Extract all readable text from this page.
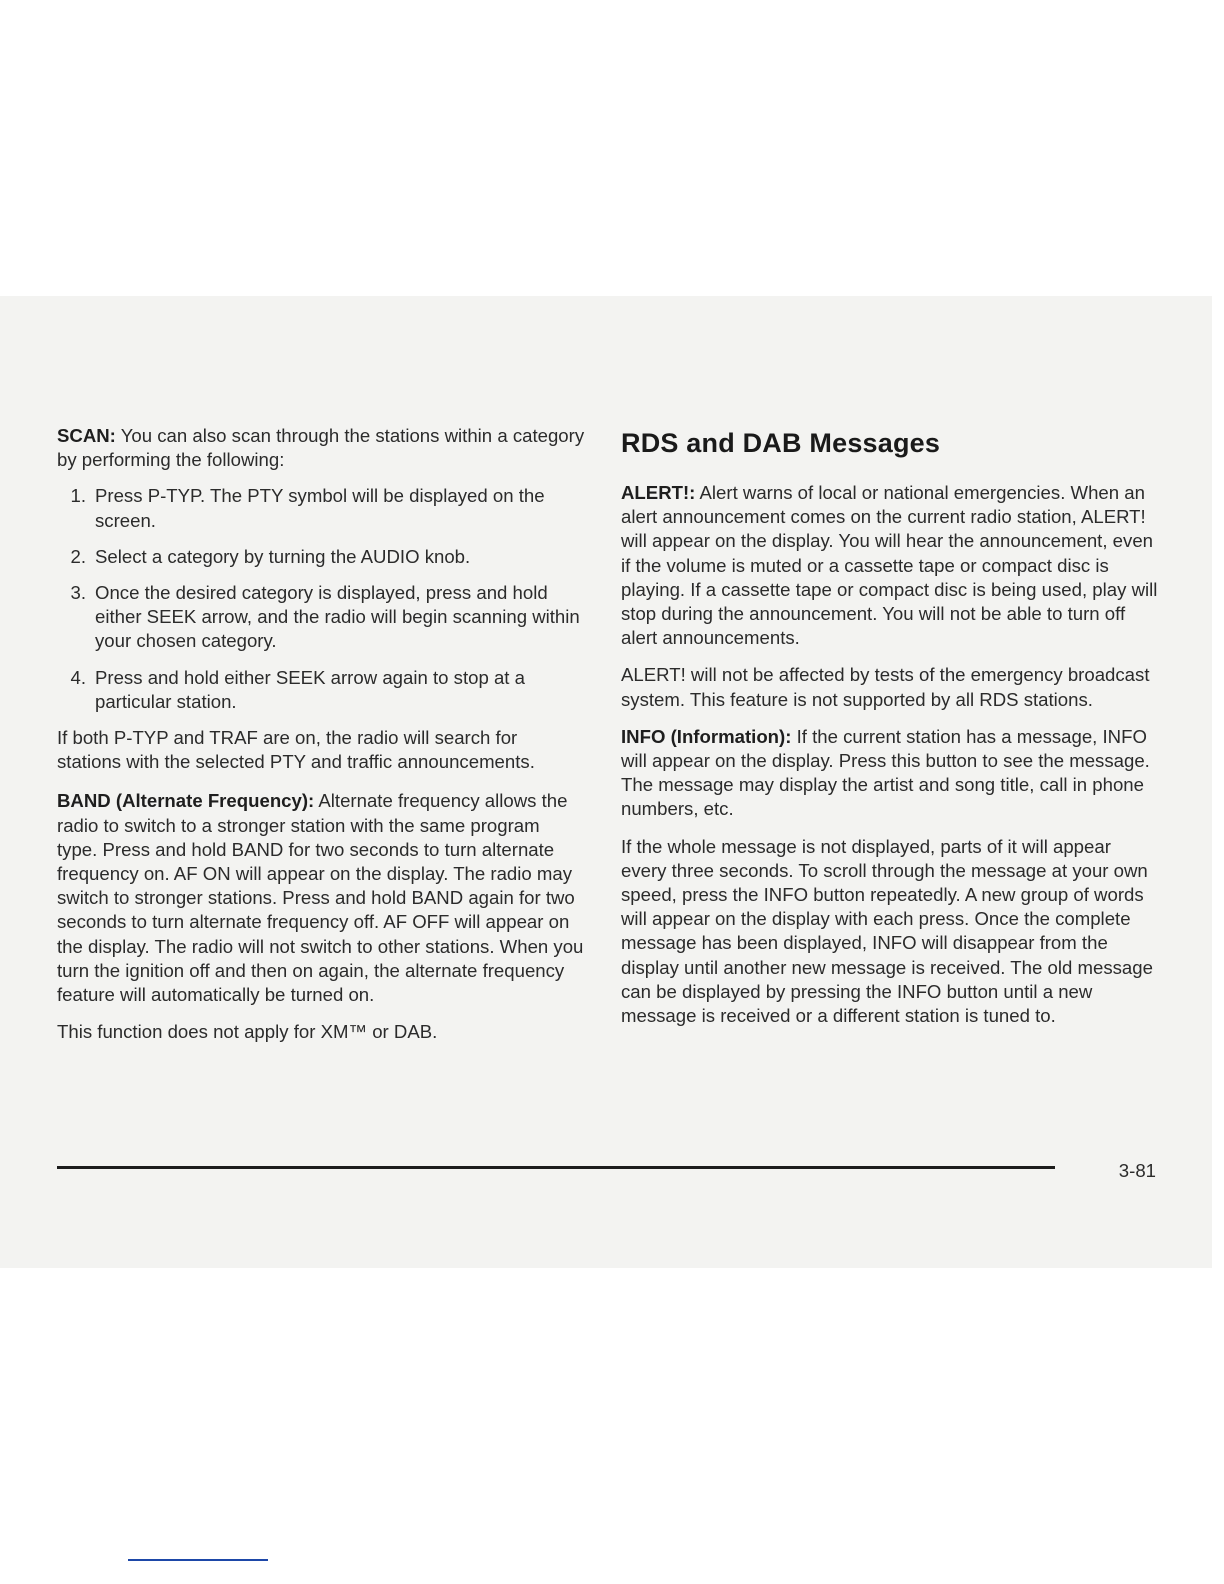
SCAN: You can also scan through the stations within a category by performing the following:

1. Press P-TYP. The PTY symbol will be displayed on the screen.
2. Select a category by turning the AUDIO knob.
3. Once the desired category is displayed, press and hold either SEEK arrow, and the radio will begin scanning within your chosen category.
4. Press and hold either SEEK arrow again to stop at a particular station.

If both P-TYP and TRAF are on, the radio will search for stations with the selected PTY and traffic announcements.

BAND (Alternate Frequency): Alternate frequency allows the radio to switch to a stronger station with the same program type. Press and hold BAND for two seconds to turn alternate frequency on. AF ON will appear on the display. The radio may switch to stronger stations. Press and hold BAND again for two seconds to turn alternate frequency off. AF OFF will appear on the display. The radio will not switch to other stations. When you turn the ignition off and then on again, the alternate frequency feature will automatically be turned on.

This function does not apply for XM™ or DAB.

RDS and DAB Messages

ALERT!: Alert warns of local or national emergencies. When an alert announcement comes on the current radio station, ALERT! will appear on the display. You will hear the announcement, even if the volume is muted or a cassette tape or compact disc is playing. If a cassette tape or compact disc is being used, play will stop during the announcement. You will not be able to turn off alert announcements.

ALERT! will not be affected by tests of the emergency broadcast system. This feature is not supported by all RDS stations.

INFO (Information): If the current station has a message, INFO will appear on the display. Press this button to see the message. The message may display the artist and song title, call in phone numbers, etc.

If the whole message is not displayed, parts of it will appear every three seconds. To scroll through the message at your own speed, press the INFO button repeatedly. A new group of words will appear on the display with each press. Once the complete message has been displayed, INFO will disappear from the display until another new message is received. The old message can be displayed by pressing the INFO button until a new message is received or a different station is tuned to.

3-81
